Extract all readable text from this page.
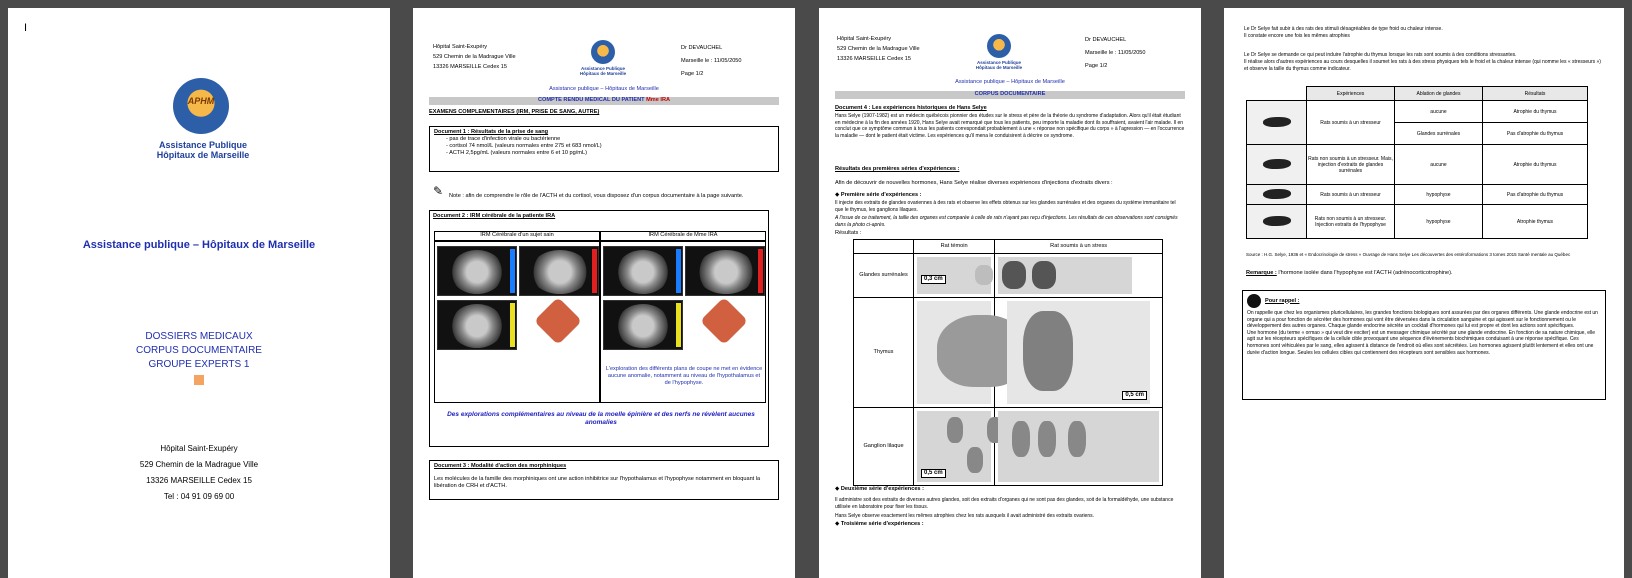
I
APHM
Assistance Publique
Hôpitaux de Marseille
Assistance publique – Hôpitaux de Marseille
DOSSIERS MEDICAUX
CORPUS DOCUMENTAIRE
GROUPE EXPERTS 1
Hôpital Saint-Exupéry
529 Chemin de la Madrague Ville
13326 MARSEILLE Cedex 15
Tel : 04 91 09 69 00
Hôpital Saint-Exupéry
529 Chemin de la Madrague Ville
13326 MARSEILLE Cedex 15	Assistance Publique
Hôpitaux de Marseille
Dr DEVAUCHEL
Marseille le : 11/05/2050
Page 1/2
Assistance publique – Hôpitaux de Marseille
COMPTE RENDU MEDICAL DU PATIENT Mme IRA
EXAMENS COMPLEMENTAIRES (IRM, PRISE DE SANG, AUTRE)
Document 1 : Résultats de la prise de sang
- pas de trace d'infection virale ou bactérienne
- cortisol 74 nmol/L (valeurs normales entre 275 et 683 nmol/L)
- ACTH 2,5pg/mL (valeurs normales entre 6 et 10 pg/mL)
✎	Note : afin de comprendre le rôle de l'ACTH et du cortisol, vous disposez d'un corpus documentaire à la page suivante.
Document 2 : IRM cérébrale de la patiente IRA
IRM Cérébrale d'un sujet sain	IRM Cérébrale de Mme IRA
L'exploration des différents plans de coupe ne met en évidence aucune anomalie, notamment au niveau de l'hypothalamus et de l'hypophyse.
Des explorations complémentaires au niveau de la moelle épinière et des nerfs ne révèlent aucunes anomalies
Document 3 : Modalité d'action des morphiniques
Les molécules de la famille des morphiniques ont une action inhibitrice sur l'hypothalamus et l'hypophyse notamment en bloquant la libération de CRH et d'ACTH.
Hôpital Saint-Exupéry
529 Chemin de la Madrague Ville
13326 MARSEILLE Cedex 15
Assistance Publique
Hôpitaux de Marseille
Dr DEVAUCHEL
Marseille le : 11/05/2050
Page 1/2
Assistance publique – Hôpitaux de Marseille
CORPUS DOCUMENTAIRE
Document 4 : Les expériences historiques de Hans Selye
Hans Selye (1907-1982) est un médecin québécois pionnier des études sur le stress et père de la théorie du syndrome d'adaptation. Alors qu'il était étudiant en médecine à la fin des années 1920, Hans Selye avait remarqué que tous les patients, peu importe la maladie dont ils souffraient, avaient l'air malade. Il en conclut que ce symptôme commun à tous les patients correspondait probablement à une « réponse non spécifique du corps » à l'agression — en l'occurrence la maladie — dont le patient était victime. Les expériences qu'il mena le conduisirent à décrire ce syndrome.
Résultats des premières séries d'expériences :
Afin de découvrir de nouvelles hormones, Hans Selye réalise diverses expériences d'injections d'extraits divers :
◆ Première série d'expériences :
Il injecte des extraits de glandes ovariennes à des rats et observe les effets obtenus sur les glandes surrénales et des organes du système immunitaire tel que le thymus, les ganglions lilaques.
A l'issue de ce traitement, la taille des organes est comparée à celle de rats n'ayant pas reçu d'injections. Les résultats de ces observations sont consignés dans la photo ci-après.
Résultats :
	Rat témoin	Rat soumis à un stress
Glandes surrénales	0,3 cm	

Thymus		0,5 cm

Ganglion lilaque	0,5 cm	

◆ Deuxième série d'expériences :
Il administre soit des extraits de diverses autres glandes, soit des extraits d'organes qui ne sont pas des glandes, soit de la formaldéhyde, une substance utilisée en laboratoire pour fixer les tissus.
Hans Selye observe exactement les mêmes atrophies chez les rats auxquels il avait administré des extraits ovariens.
◆ Troisième série d'expériences :
Le Dr Selye fait subir à des rats des stimuli désagréables de type froid ou chaleur intense.
Il constate encore une fois les mêmes atrophies
Le Dr Selye se demande ce qui peut induire l'atrophie du thymus lorsque les rats sont soumis à des conditions stressantes.
Il réalise alors d'autres expériences au cours desquelles il soumet les rats à des stress physiques tels le froid et la chaleur intense (qui nomme les « stresseurs ») et observe la taille du thymus comme indicateur.
	Expériences	Ablation de glandes	Résultats
	Rats soumis à un stresseur	aucune	Atrophie du thymus
		Glandes surrénales	Pas d'atrophie du thymus
	Rats non soumis à un stresseur. Mais, injection d'extraits de glandes surrénales	aucune	Atrophie du thymus
	Rats soumis à un stresseur	hypophyse	Pas d'atrophie du thymus
	Rats non soumis à un stresseur. Injection extraits de l'hypophyse	hypophyse	Atrophie thymus
Source : H.G. Selye, 1936 et « Endocrinologie de stress » Ouvrage de Hans Selye Les découvertes des entéroformations 3 tomes 2015 Santé mentale au Québec
Remarque : l'hormone isolée dans l'hypophyse est l'ACTH (adrénocorticotrophine).
Pour rappel :
On rappelle que chez les organismes pluricellulaires, les grandes fonctions biologiques sont assurées par des organes différents. Une glande endocrine est un organe qui a pour fonction de sécréter des hormones qui vont être déversées dans la circulation sanguine et qui agissent sur le fonctionnement ou le développement des autres organes. Chaque glande endocrine sécrète un cocktail d'hormones qui lui est propre et dont les actions sont spécifiques.
Une hormone (du terme « ormao » qui veut dire exciter) est un messager chimique sécrété par une glande endocrine. En fonction de sa nature chimique, elle agit sur les récepteurs spécifiques de la cellule cible provoquant une séquence d'évènements biochimiques conduisant à une réponse spécifique. Ces hormones sont véhiculées par le sang, elles agissent à distance de l'endroit où elles sont sécrétées. Les hormones agissent plutôt lentement et elles ont une durée d'action longue. Seules les cellules cibles qui contiennent des récepteurs sont sensibles aux hormones.
